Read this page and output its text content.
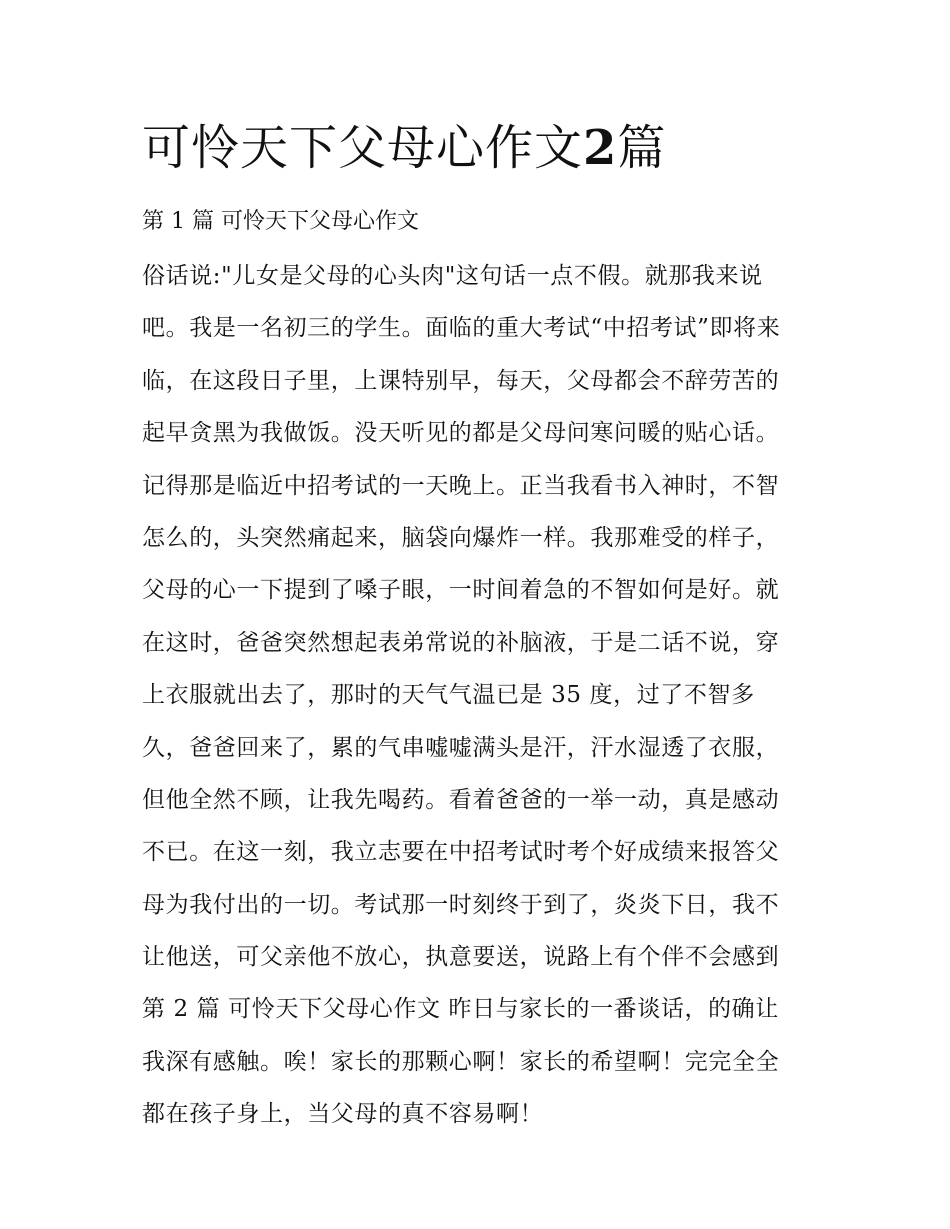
可怜天下父母心作文2篇
第 1 篇 可怜天下父母心作文
俗话说:"儿女是父母的心头肉"这句话一点不假。就那我来说
吧。我是一名初三的学生。面临的重大考试“中招考试”即将来
临，在这段日子里，上课特别早，每天，父母都会不辞劳苦的
起早贪黑为我做饭。没天听见的都是父母问寒问暖的贴心话。
记得那是临近中招考试的一天晚上。正当我看书入神时，不智
怎么的，头突然痛起来，脑袋向爆炸一样。我那难受的样子，
父母的心一下提到了嗓子眼，一时间着急的不智如何是好。就
在这时，爸爸突然想起表弟常说的补脑液，于是二话不说，穿
上衣服就出去了，那时的天气气温已是 35 度，过了不智多
久，爸爸回来了，累的气串嘘嘘满头是汗，汗水湿透了衣服，
但他全然不顾，让我先喝药。看着爸爸的一举一动，真是感动
不已。在这一刻，我立志要在中招考试时考个好成绩来报答父
母为我付出的一切。考试那一时刻终于到了，炎炎下日，我不
让他送，可父亲他不放心，执意要送，说路上有个伴不会感到
第 2 篇 可怜天下父母心作文 昨日与家长的一番谈话，的确让
我深有感触。唉！家长的那颗心啊！家长的希望啊！完完全全
都在孩子身上，当父母的真不容易啊！
